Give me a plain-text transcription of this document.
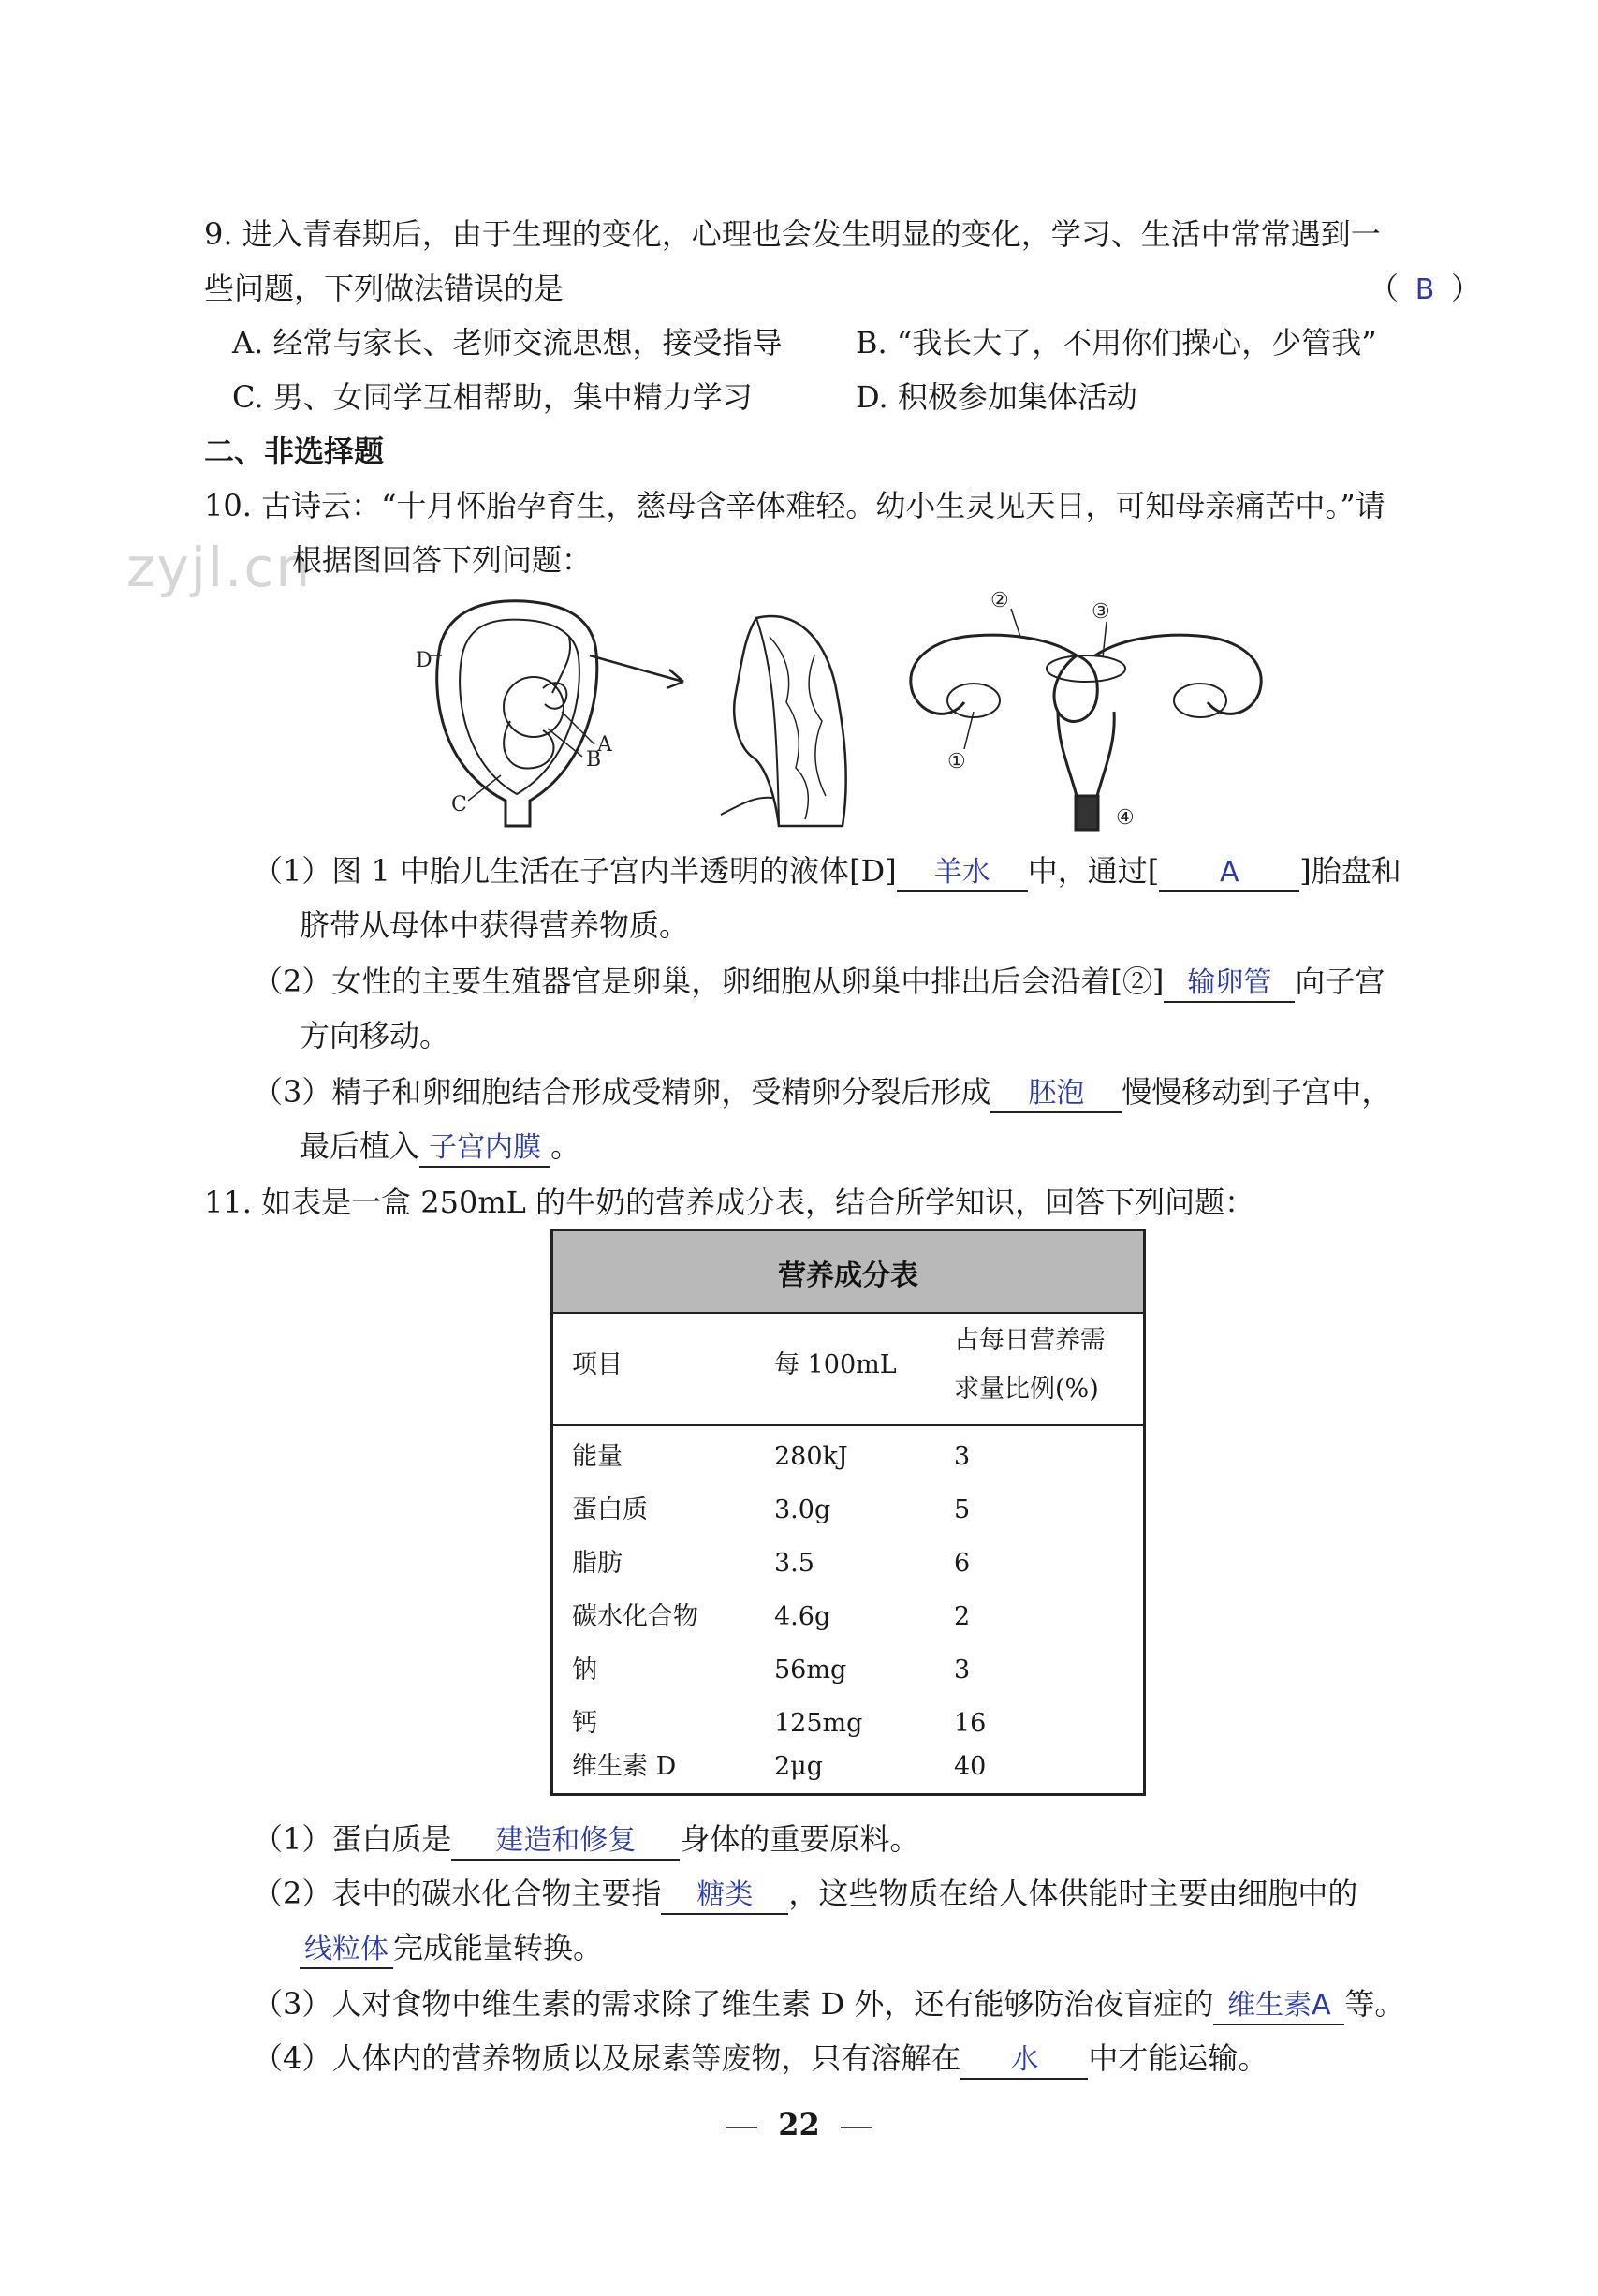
zyjl.cn
9. 进入青春期后，由于生理的变化，心理也会发生明显的变化，学习、生活中常常遇到一
些问题，下列做法错误的是	（ B ）
A. 经常与家长、老师交流思想，接受指导 B. “我长大了，不用你们操心，少管我”
C. 男、女同学互相帮助，集中精力学习	D. 积极参加集体活动
二、非选择题
10. 古诗云：“十月怀胎孕育生，慈母含辛体难轻。幼小生灵见天日，可知母亲痛苦中。”请
根据图回答下列问题：
D
A
B
C
②	③
①
④
（1）图 1 中胎儿生活在子宫内半透明的液体[D] 羊水 中，通过[ A ]胎盘和
脐带从母体中获得营养物质。
（2）女性的主要生殖器官是卵巢，卵细胞从卵巢中排出后会沿着[②] 输卵管 向子宫
方向移动。
（3）精子和卵细胞结合形成受精卵，受精卵分裂后形成 胚泡 慢慢移动到子宫中，
最后植入 子宫内膜 。
11. 如表是一盒 250mL 的牛奶的营养成分表，结合所学知识，回答下列问题：
营养成分表
项目	每 100mL
占每日营养需
求量比例(%)
能量	280kJ	3
蛋白质	3.0g	5
脂肪	3.5	6
碳水化合物	4.6g	2
钠	56mg	3
钙	125mg	16
维生素 D	2μg	40
（1）蛋白质是 建造和修复 身体的重要原料。
（2）表中的碳水化合物主要指 糖类 ，这些物质在给人体供能时主要由细胞中的
线粒体 完成能量转换。
（3）人对食物中维生素的需求除了维生素 D 外，还有能够防治夜盲症的 维生素A 等。
（4）人体内的营养物质以及尿素等废物，只有溶解在 水 中才能运输。
22
